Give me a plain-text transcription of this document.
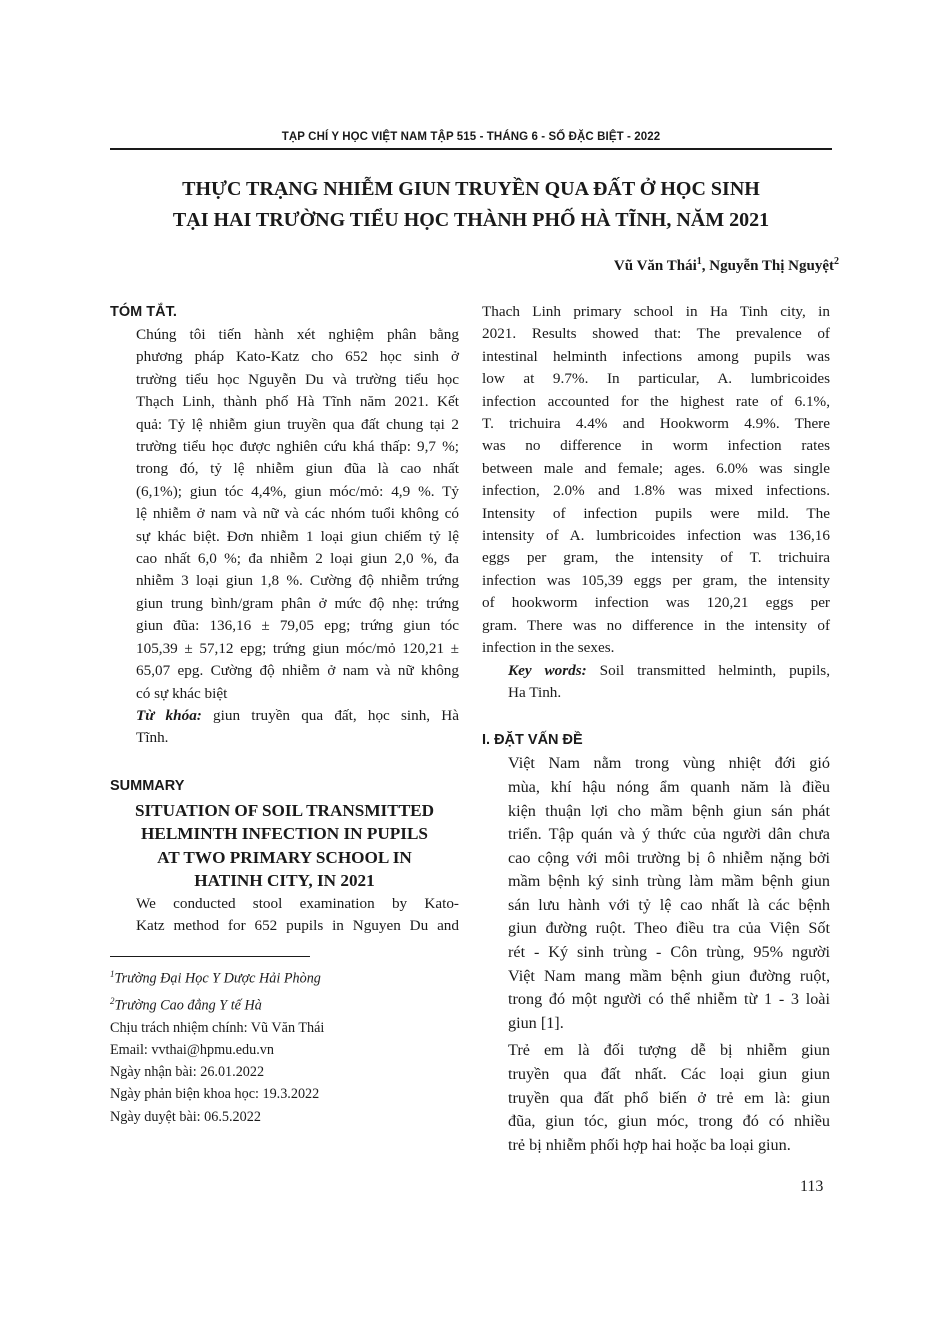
TẠP CHÍ Y HỌC VIỆT NAM TẬP 515 - THÁNG 6 - SỐ ĐẶC BIỆT - 2022
THỰC TRẠNG NHIỄM GIUN TRUYỀN QUA ĐẤT Ở HỌC SINH
TẠI HAI TRƯỜNG TIỂU HỌC THÀNH PHỐ HÀ TĨNH, NĂM 2021
Vũ Văn Thái$^1$, Nguyễn Thị Nguyệt$^2$
TÓM TẮT.

Chúng tôi tiến hành xét nghiệm phân bằng
phương pháp Kato-Katz cho 652 học sinh ở
trường tiểu học Nguyễn Du và trường tiểu học
Thạch Linh, thành phố Hà Tĩnh năm 2021. Kết
quả: Tỷ lệ nhiễm giun truyền qua đất chung tại 2
trường tiểu học được nghiên cứu khá thấp: 9,7 %;
trong đó, tỷ lệ nhiễm giun đũa là cao nhất
(6,1%); giun tóc 4,4%, giun móc/mỏ: 4,9 %. Tỷ
lệ nhiễm ở nam và nữ và các nhóm tuổi không có
sự khác biệt. Đơn nhiễm 1 loại giun chiếm tỷ lệ
cao nhất 6,0 %; đa nhiễm 2 loại giun 2,0 %, đa
nhiễm 3 loại giun 1,8 %. Cường độ nhiễm trứng
giun trung bình/gram phân ở mức độ nhẹ: trứng
giun đũa: 136,16 ± 79,05 epg; trứng giun tóc
105,39 ± 57,12 epg; trứng giun móc/mỏ 120,21 ±
65,07 epg. Cường độ nhiễm ở nam và nữ không
có sự khác biệt

Từ khóa: giun truyền qua đất, học sinh, Hà
Tĩnh.

SUMMARY
SITUATION OF SOIL TRANSMITTED
HELMINTH INFECTION IN PUPILS
AT TWO PRIMARY SCHOOL IN
HATINH CITY, IN 2021

We conducted stool examination by Kato-
Katz method for 652 pupils in Nguyen Du and

$^1$Trường Đại Học Y Dược Hải Phòng
$^2$Trường Cao đẳng Y tế Hà
Chịu trách nhiệm chính: Vũ Văn Thái
Email: vvthai@hpmu.edu.vn
Ngày nhận bài: 26.01.2022
Ngày phản biện khoa học: 19.3.2022
Ngày duyệt bài: 06.5.2022

Thach Linh primary school in Ha Tinh city, in
2021. Results showed that: The prevalence of
intestinal helminth infections among pupils was
low at 9.7%. In particular, A. lumbricoides
infection accounted for the highest rate of 6.1%,
T. trichuira 4.4% and Hookworm 4.9%. There
was no difference in worm infection rates
between male and female; ages. 6.0% was single
infection, 2.0% and 1.8% was mixed infections.
Intensity of infection pupils were mild. The
intensity of A. lumbricoides infection was 136,16
eggs per gram, the intensity of T. trichuira
infection was 105,39 eggs per gram, the intensity
of hookworm infection was 120,21 eggs per
gram. There was no difference in the intensity of
infection in the sexes.

Key words: Soil transmitted helminth, pupils,
Ha Tinh.

I. ĐẶT VẤN ĐỀ

Việt Nam nằm trong vùng nhiệt đới gió
mùa, khí hậu nóng ẩm quanh năm là điều
kiện thuận lợi cho mầm bệnh giun sán phát
triển. Tập quán và ý thức của người dân chưa
cao cộng với môi trường bị ô nhiễm nặng bởi
mầm bệnh ký sinh trùng làm mầm bệnh giun
sán lưu hành với tỷ lệ cao nhất là các bệnh
giun đường ruột. Theo điều tra của Viện Sốt
rét - Ký sinh trùng - Côn trùng, 95% người
Việt Nam mang mầm bệnh giun đường ruột,
trong đó một người có thể nhiễm từ 1 - 3 loài
giun [1].

Trẻ em là đối tượng dễ bị nhiễm giun
truyền qua đất nhất. Các loại giun giun
truyền qua đất phổ biến ở trẻ em là: giun
đũa, giun tóc, giun móc, trong đó có nhiều
trẻ bị nhiễm phối hợp hai hoặc ba loại giun.

113
